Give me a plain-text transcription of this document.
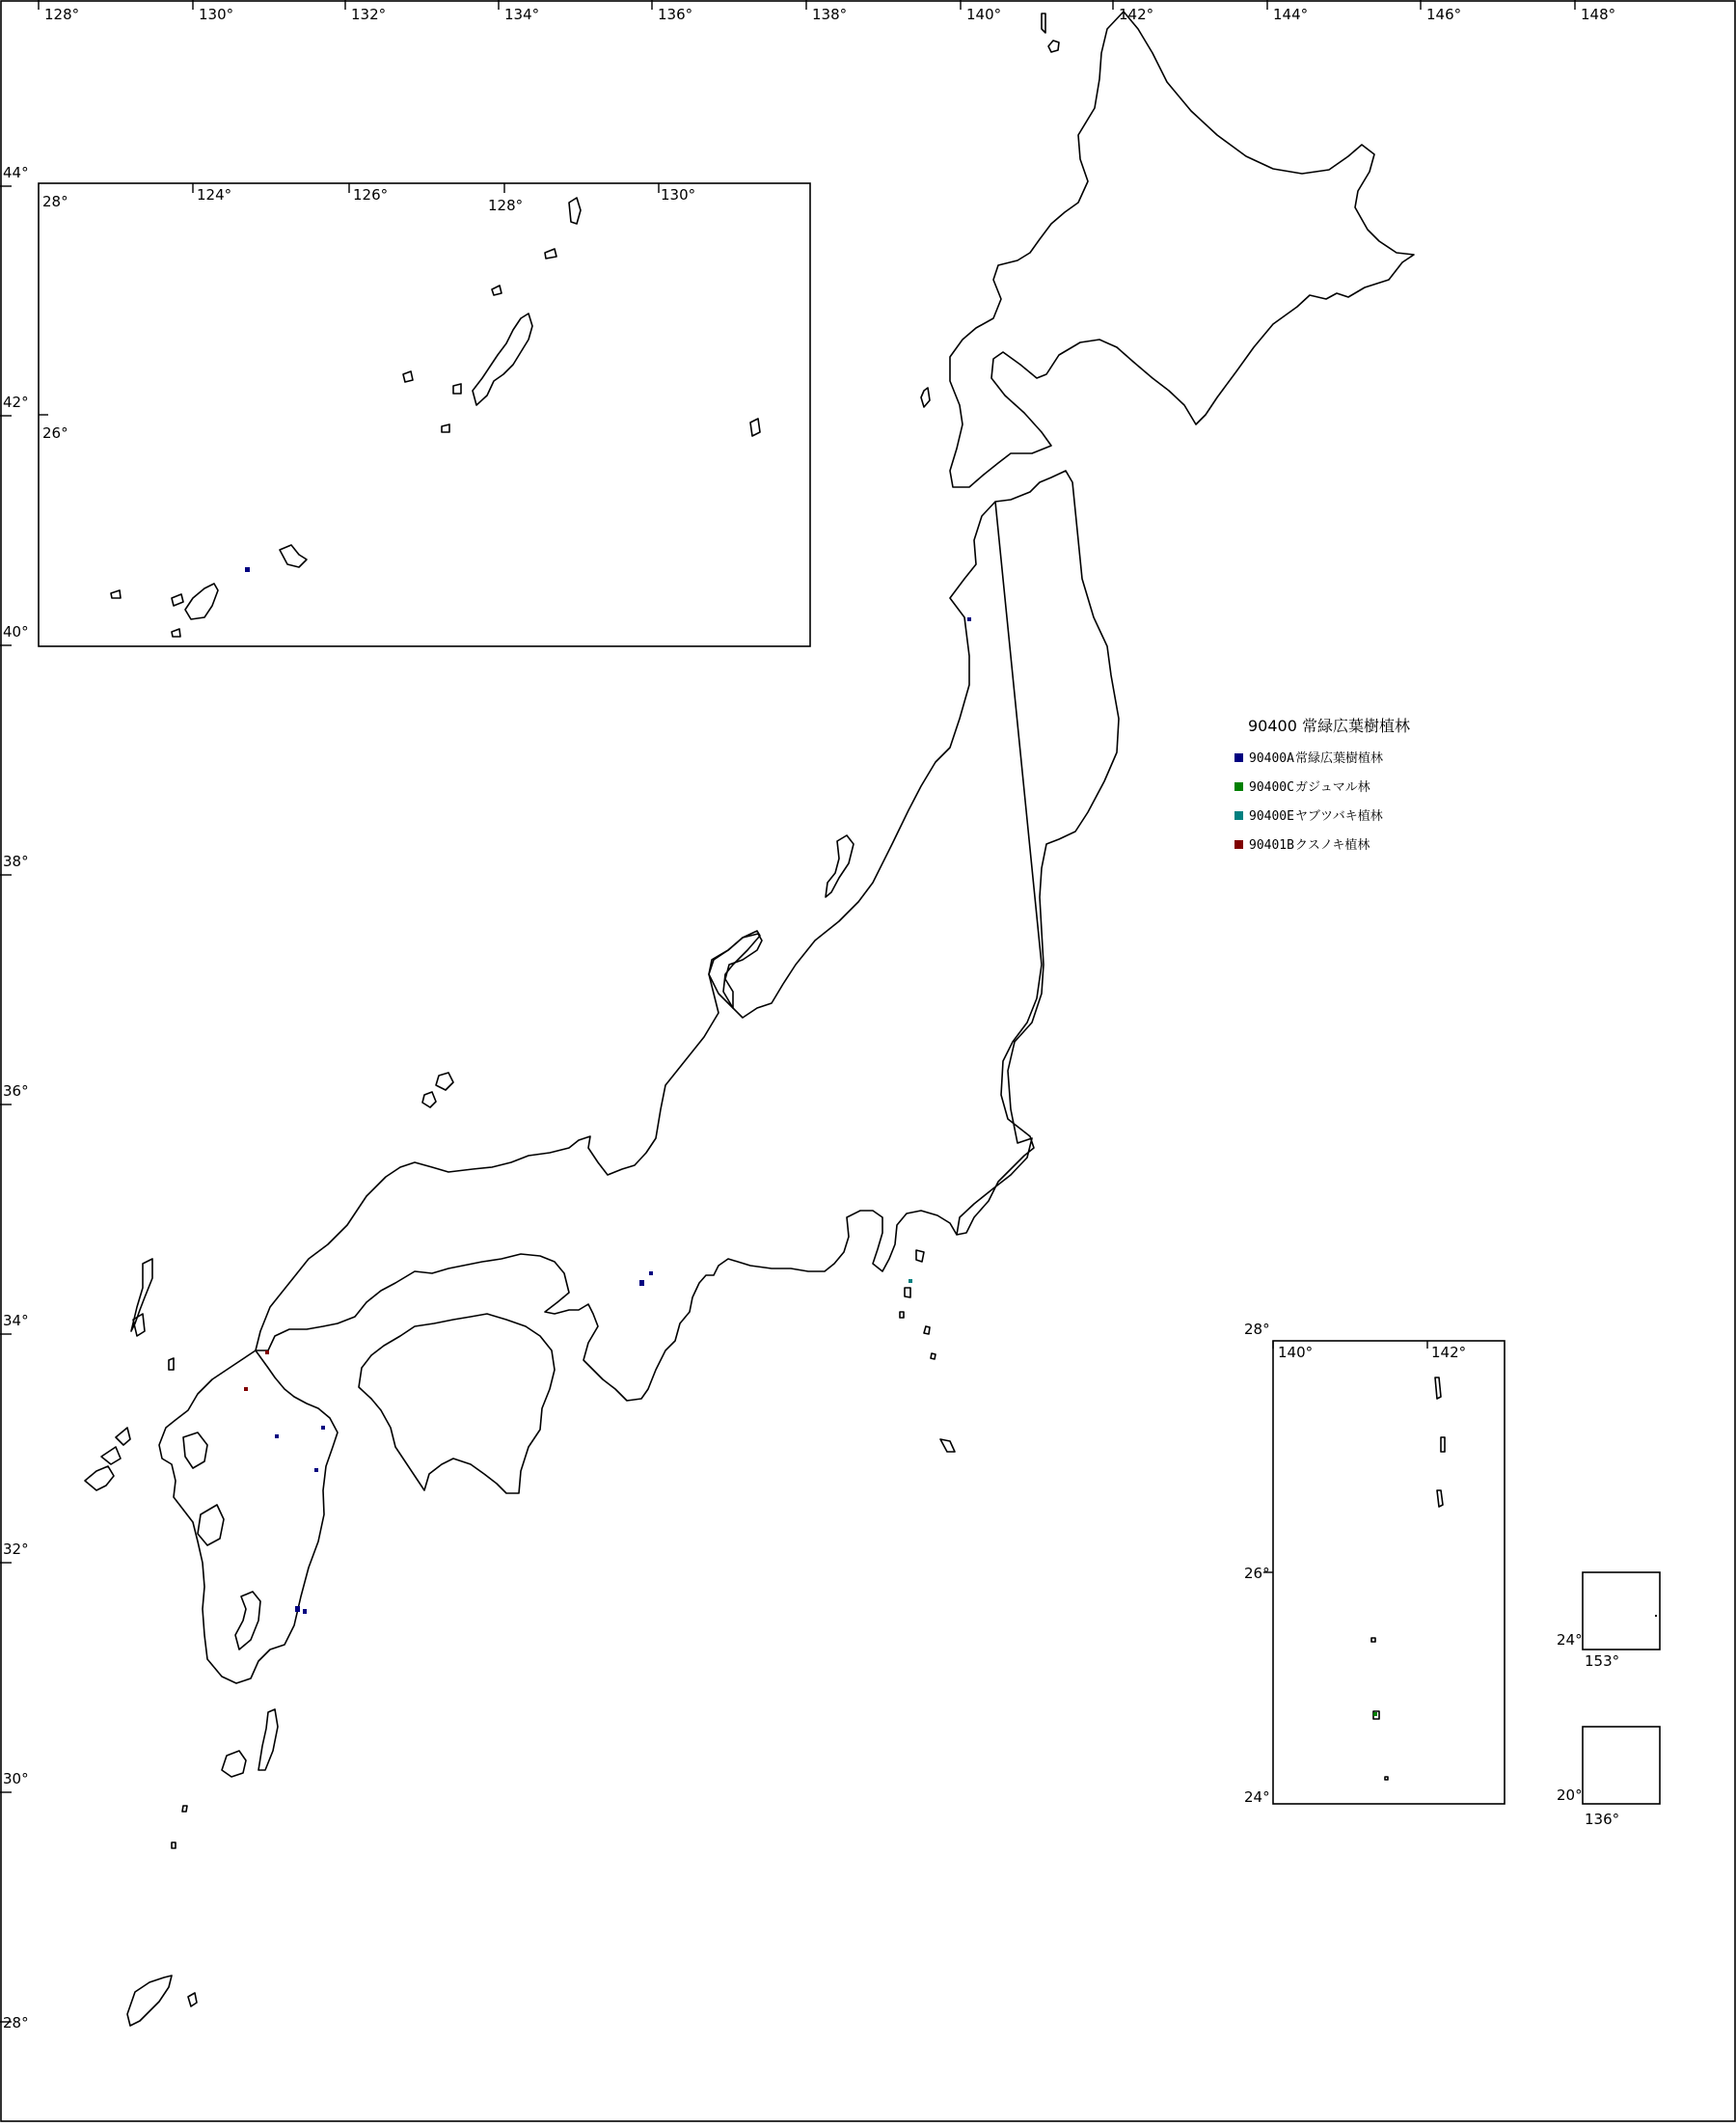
128°	130°	132°	134°	136°	138°	140°	142°	144°	146°	148°
44°
42°
40°
38°
36°
34°
32°
30°
28°
28°	124°	126°
128°
130°
26°
140°	142°
28°
26°
24°
24°
153°
20°
136°
90400 常緑広葉樹植林
90400A 常緑広葉樹植林
90400C ガジュマル林
90400E ヤブツバキ植林
90401B クスノキ植林
